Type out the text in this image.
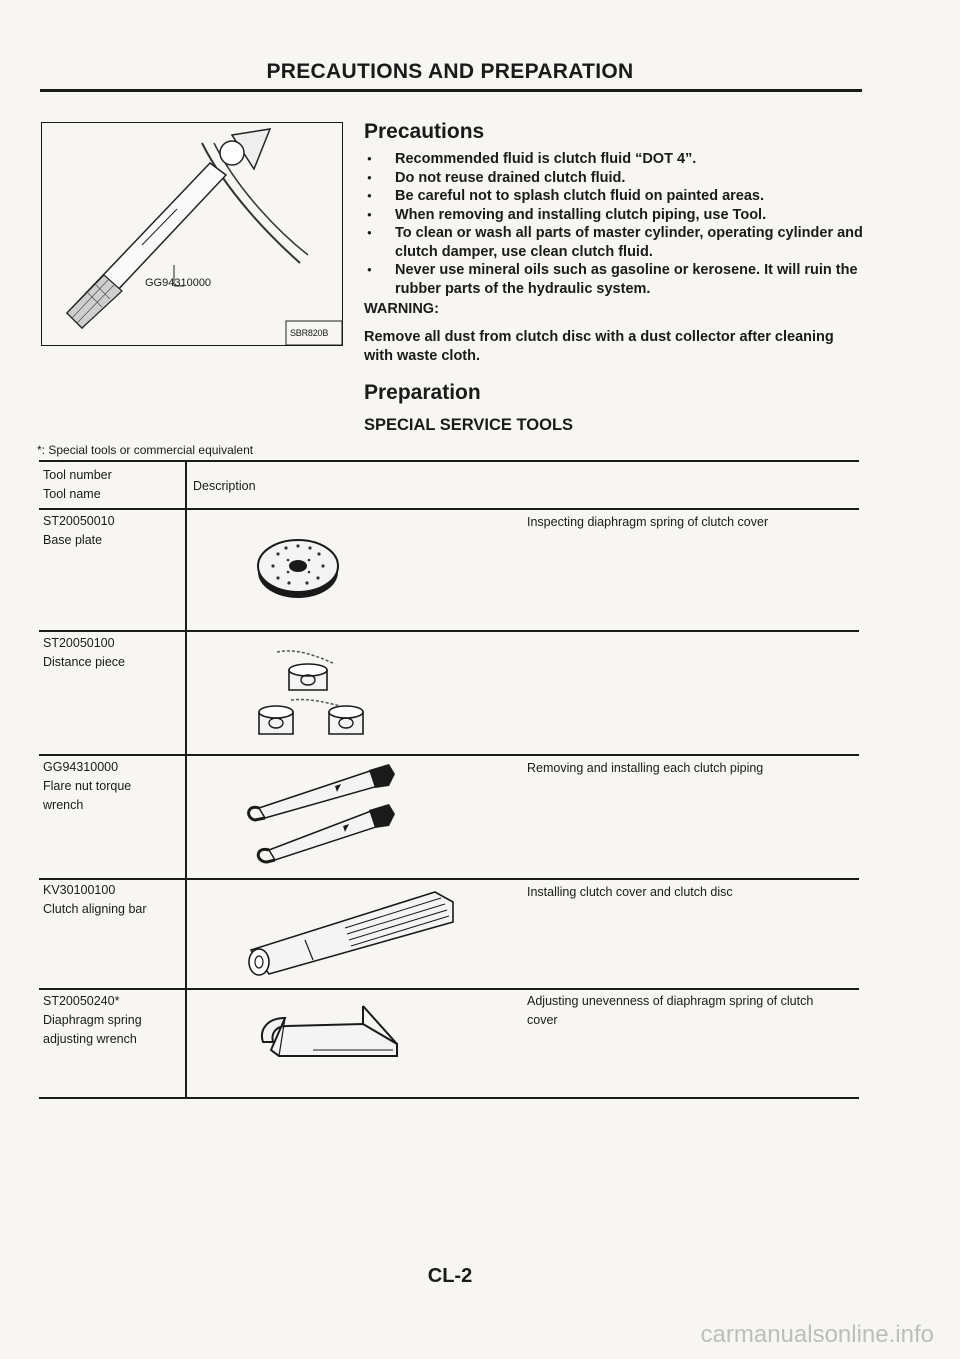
PRECAUTIONS AND PREPARATION
GG94310000
SBR820B
Precautions
● Recommended fluid is clutch fluid “DOT 4”.
● Do not reuse drained clutch fluid.
● Be careful not to splash clutch fluid on painted areas.
● When removing and installing clutch piping, use Tool.
● To clean or wash all parts of master cylinder, operating cylinder and clutch damper, use clean clutch fluid.
● Never use mineral oils such as gasoline or kerosene. It will ruin the rubber parts of the hydraulic system.
WARNING:
Remove all dust from clutch disc with a dust collector after cleaning with waste cloth.
Preparation
SPECIAL SERVICE TOOLS
*: Special tools or commercial equivalent
Tool number
Tool name
Description
ST20050010
Base plate
Inspecting diaphragm spring of clutch cover
ST20050100
Distance piece
GG94310000
Flare nut torque wrench
Removing and installing each clutch piping
KV30100100
Clutch aligning bar
Installing clutch cover and clutch disc
ST20050240*
Diaphragm spring adjusting wrench
Adjusting unevenness of diaphragm spring of clutch cover
CL-2
carmanualsonline.info
